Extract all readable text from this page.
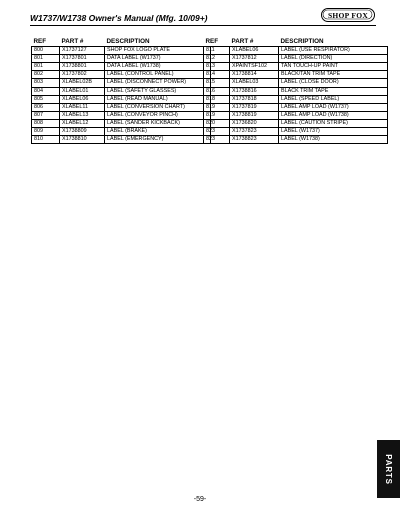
W1737/W1738 Owner's Manual (Mfg. 10/09+)	SHOP FOX
REF	PART #	DESCRIPTION
800	X1737127	SHOP FOX LOGO PLATE
801	X1737801	DATA LABEL (W1737)
801	X1738801	DATA LABEL (W1738)
802	X1737802	LABEL (CONTROL PANEL)
803	XLABEL02B	LABEL (DISCONNECT POWER)
804	XLABEL01	LABEL (SAFETY GLASSES)
805	XLABEL06	LABEL (READ MANUAL)
806	XLABEL11	LABEL (CONVERSION CHART)
807	XLABEL13	LABEL (CONVEYOR PINCH)
808	XLABEL12	LABEL (SANDER KICKBACK)
809	X1738809	LABEL (BRAKE)
810	X1738810	LABEL (EMERGENCY)
REF	PART #	DESCRIPTION
811	XLABEL06	LABEL (USE RESPIRATOR)
812	X1737812	LABEL (DIRECTION)
813	XPAINTSF102	TAN TOUCH-UP PAINT
814	X1738814	BLACK/TAN TRIM TAPE
815	XLABEL03	LABEL (CLOSE DOOR)
816	X1738816	BLACK TRIM TAPE
818	X1737818	LABEL (SPEED LABEL)
819	X1737819	LABEL AMP LOAD (W1737)
819	X1738819	LABEL AMP LOAD (W1738)
820	X1736820	LABEL (CAUTION STRIPE)
823	X1737823	LABEL (W1737)
823	X1738823	LABEL (W1738)
PARTS
-59-
